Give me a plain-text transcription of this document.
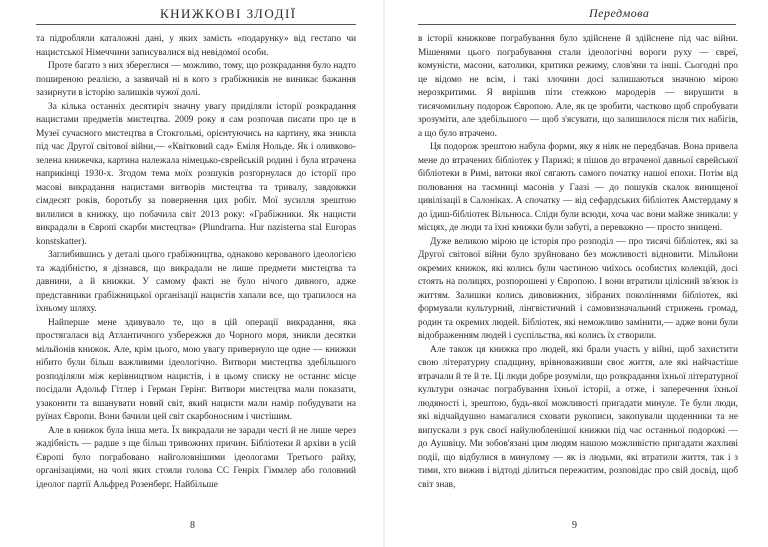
КНИЖКОВІ ЗЛОДІЇ

та підробляли каталожні дані, у яких замість «подарунку» від гестапо чи нацистської Німеччини записувалися від невідомої особи.

Проте багато з них збереглися — можливо, тому, що розкрадання було надто поширеною реалією, а зазвичай ні в кого з грабіжників не виникає бажання зазирнути в історію залишків чужої долі.

За кілька останніх десятиріч значну увагу приділяли історії розкрадання нацистами предметів мистецтва. 2009 року я сам розпочав писати про це в Музеї сучасного мистецтва в Стокгольмі, орієнтуючись на картину, яка зникла під час Другої світової війни,— «Квітковий сад» Еміля Нольде. Як і оливково-зелена книжечка, картина належала німецько-єврейській родині і була втрачена наприкінці 1930-х. Згодом тема моїх розшуків розгорнулася до історії про масові викрадання нацистами витворів мистецтва та тривалу, завдовжки сімдесят років, боротьбу за повернення цих робіт. Мої зусилля зрештою вилилися в книжку, що побачила світ 2013 року: «Грабіжники. Як нацисти викрадали в Європі скарби мистецтва» (Plundrarna. Hur nazisterna stal Europas konstskatter).

Заглибившись у деталі цього грабіжництва, однаково керованого ідеологією та жадібністю, я дізнався, що викрадали не лише предмети мистецтва та давнини, а й книжки. У самому факті не було нічого дивного, адже представники грабіжницької організації нацистів хапали все, що трапилося на їхньому шляху.

Найперше мене здивувало те, що в цій операції викрадання, яка простягалася від Атлантичного узбережжя до Чорного моря, зникли десятки мільйонів книжок. Але, крім цього, мою увагу привернуло ще одне — книжки нібито були більш важливими ідеологічно. Витвори мистецтва здебільшого розподіляли між керівництвом нацистів, і в цьому списку не останнє місце посідали Адольф Гітлер і Герман Герінг. Витвори мистецтва мали показати, узаконити та вшанувати новий світ, який нацисти мали намір побудувати на руїнах Європи. Вони бачили цей світ скарбоносним і чистішим.

Але в книжок була інша мета. Їх викрадали не заради честі й не лише через жадібність — радше з ще більш тривожних причин. Бібліотеки й архіви в усій Європі було пограбовано найголовнішими ідеологами Третього райху, організаціями, на чолі яких стояли голова СС Генріх Гіммлер або головний ідеолог партії Альфред Розенберг. Найбільше

8
Передмова

в історії книжкове пограбування було здійснене й здійснене під час війни. Мішенями цього пограбування стали ідеологічні вороги руху — євреї, комуністи, масони, католики, критики режиму, слов'яни та інші. Сьогодні про це відомо не всім, і такі злочини досі залишаються значною мірою нерозкритими. Я вирішив піти стежкою мародерів — вирушити в тисячомильну подорож Європою. Але, як це зробити, частково щоб спробувати зрозуміти, але здебільшого — щоб з'ясувати, що залишилося після тих набігів, а що було втрачено.

Ця подорож зрештою набула форми, яку я ніяк не передбачав. Вона привела мене до втрачених бібліотек у Парижі; я пішов до втраченої давньої єврейської бібліотеки в Римі, витоки якої сягають самого початку нашої епохи. Потім від полювання на таємниці масонів у Гаазі — до пошуків скалок винищеної цивілізації в Салоніках. А спочатку — від сефардських бібліотек Амстердаму я до їдиш-бібліотек Вільнюса. Сліди були всюди, хоча час вони майже зникали: у місцях, де люди та їхні книжки були забуті, а переважно — просто знищені.

Дуже великою мірою це історія про розподіл — про тисячі бібліотек, які за Другої світової війни було зруйновано без можливості відновити. Мільйони окремих книжок, які колись були частиною чиїхось особистих колекцій, досі стоять на полицях, розпорошені у Європою. І вони втратили цілісний зв'язок із життям. Залишки колись дивовижних, зібраних поколіннями бібліотек, які формували культурний, лінгвістичний і самовизначальний стрижень громад, родин та окремих людей. Бібліотек, які неможливо замінити,— адже вони були відображенням людей і суспільства, які колись їх створили.

Але також ця книжка про людей, які брали участь у війні, щоб захистити свою літературну спадщину, врівноваживши своє життя, але які найчастіше втрачали й те й те. Ці люди добре розуміли, що розкрадання їхньої літературної культури означає пограбування їхньої історії, а отже, і заперечення їхньої людяності і, зрештою, будь-якої можливості пригадати минуле. Те були люди, які відчайдушно намагалися сховати рукописи, закопували щоденники та не випускали з рук своєї найулюбленішої книжки під час останньої подорожі — до Аушвіцу. Ми зобов'язані цим людям нашою можливістю пригадати жахливі події, що відбулися в минулому — як із людьми, які втратили життя, так і з тими, хто вижив і відтоді ділиться пережитим, розповідає про свій досвід, щоб світ знав,

9
